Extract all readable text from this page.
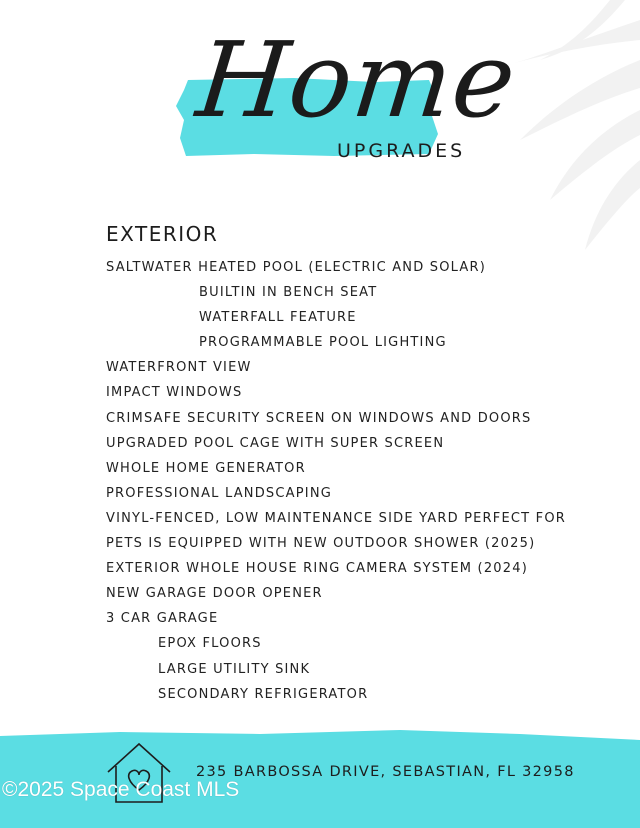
Home
UPGRADES
EXTERIOR
SALTWATER HEATED POOL (ELECTRIC AND SOLAR)
BUILTIN IN BENCH SEAT
WATERFALL FEATURE
PROGRAMMABLE POOL LIGHTING
WATERFRONT VIEW
IMPACT WINDOWS
CRIMSAFE SECURITY SCREEN ON WINDOWS AND DOORS
UPGRADED POOL CAGE WITH SUPER SCREEN
WHOLE HOME GENERATOR
PROFESSIONAL LANDSCAPING
VINYL-FENCED, LOW MAINTENANCE SIDE YARD PERFECT FOR
PETS IS EQUIPPED WITH NEW OUTDOOR SHOWER (2025)
EXTERIOR WHOLE HOUSE RING CAMERA SYSTEM (2024)
NEW GARAGE DOOR OPENER
3 CAR GARAGE
EPOX FLOORS
LARGE UTILITY SINK
SECONDARY REFRIGERATOR
235 BARBOSSA DRIVE, SEBASTIAN, FL 32958
©2025 Space Coast MLS
